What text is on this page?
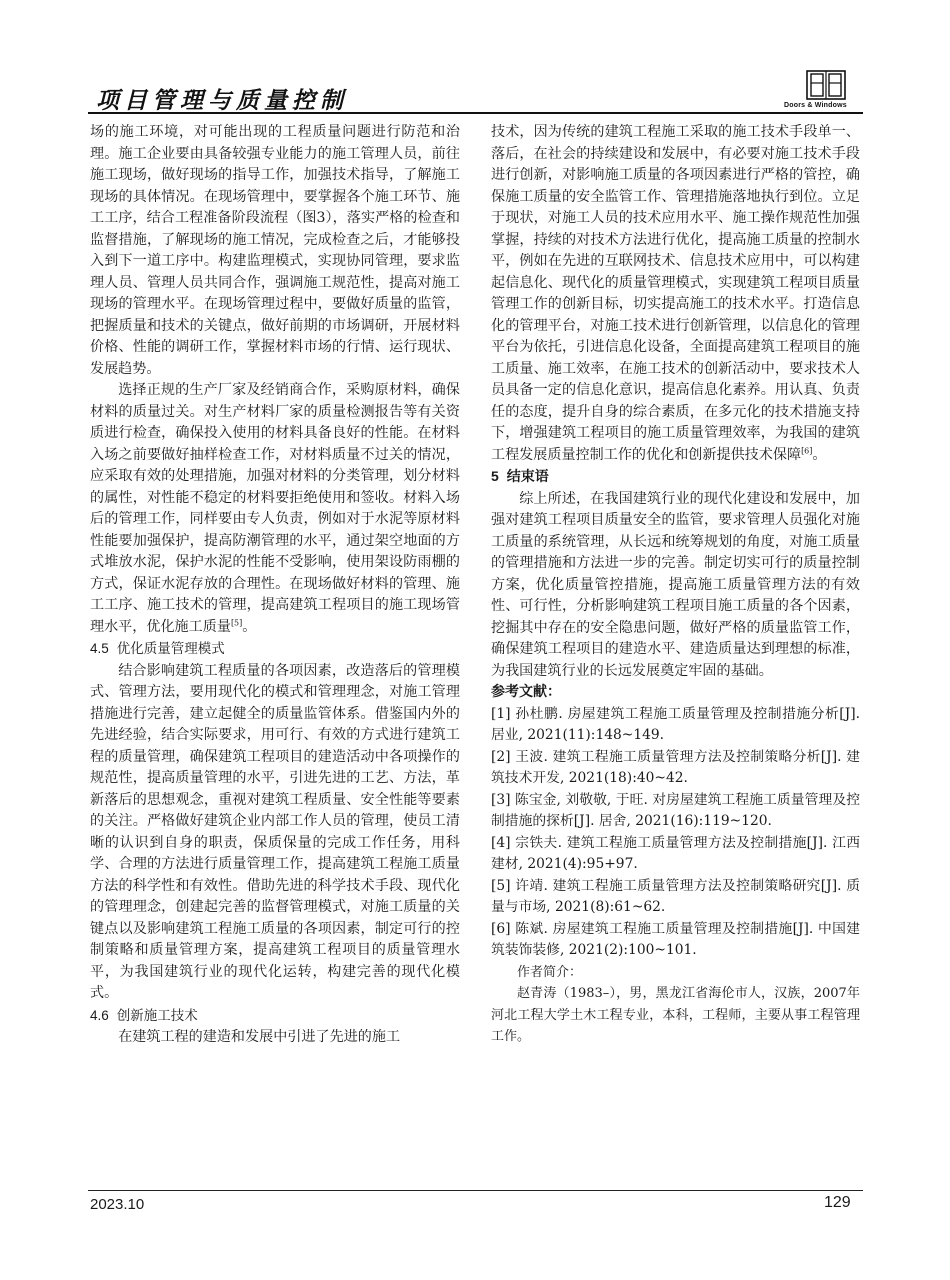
项目管理与质量控制	Doors & Windows

场的施工环境，对可能出现的工程质量问题进行防范和治理。施工企业要由具备较强专业能力的施工管理人员，前往施工现场，做好现场的指导工作，加强技术指导，了解施工现场的具体情况。在现场管理中，要掌握各个施工环节、施工工序，结合工程准备阶段流程（图3），落实严格的检查和监督措施，了解现场的施工情况，完成检查之后，才能够投入到下一道工序中。构建监理模式，实现协同管理，要求监理人员、管理人员共同合作，强调施工规范性，提高对施工现场的管理水平。在现场管理过程中，要做好质量的监管，把握质量和技术的关键点，做好前期的市场调研，开展材料价格、性能的调研工作，掌握材料市场的行情、运行现状、发展趋势。

选择正规的生产厂家及经销商合作，采购原材料，确保材料的质量过关。对生产材料厂家的质量检测报告等有关资质进行检查，确保投入使用的材料具备良好的性能。在材料入场之前要做好抽样检查工作，对材料质量不过关的情况，应采取有效的处理措施，加强对材料的分类管理，划分材料的属性，对性能不稳定的材料要拒绝使用和签收。材料入场后的管理工作，同样要由专人负责，例如对于水泥等原材料性能要加强保护，提高防潮管理的水平，通过架空地面的方式堆放水泥，保护水泥的性能不受影响，使用架设防雨棚的方式，保证水泥存放的合理性。在现场做好材料的管理、施工工序、施工技术的管理，提高建筑工程项目的施工现场管理水平，优化施工质量[5]。

4.5 优化质量管理模式

结合影响建筑工程质量的各项因素，改造落后的管理模式、管理方法，要用现代化的模式和管理理念，对施工管理措施进行完善，建立起健全的质量监管体系。借鉴国内外的先进经验，结合实际要求，用可行、有效的方式进行建筑工程的质量管理，确保建筑工程项目的建造活动中各项操作的规范性，提高质量管理的水平，引进先进的工艺、方法，革新落后的思想观念，重视对建筑工程质量、安全性能等要素的关注。严格做好建筑企业内部工作人员的管理，使员工清晰的认识到自身的职责，保质保量的完成工作任务，用科学、合理的方法进行质量管理工作，提高建筑工程施工质量方法的科学性和有效性。借助先进的科学技术手段、现代化的管理理念，创建起完善的监督管理模式，对施工质量的关键点以及影响建筑工程施工质量的各项因素，制定可行的控制策略和质量管理方案，提高建筑工程项目的质量管理水平，为我国建筑行业的现代化运转，构建完善的现代化模式。

4.6 创新施工技术

在建筑工程的建造和发展中引进了先进的施工

技术，因为传统的建筑工程施工采取的施工技术手段单一、落后，在社会的持续建设和发展中，有必要对施工技术手段进行创新，对影响施工质量的各项因素进行严格的管控，确保施工质量的安全监管工作、管理措施落地执行到位。立足于现状，对施工人员的技术应用水平、施工操作规范性加强掌握，持续的对技术方法进行优化，提高施工质量的控制水平，例如在先进的互联网技术、信息技术应用中，可以构建起信息化、现代化的质量管理模式，实现建筑工程项目质量管理工作的创新目标，切实提高施工的技术水平。打造信息化的管理平台，对施工技术进行创新管理，以信息化的管理平台为依托，引进信息化设备，全面提高建筑工程项目的施工质量、施工效率，在施工技术的创新活动中，要求技术人员具备一定的信息化意识，提高信息化素养。用认真、负责任的态度，提升自身的综合素质，在多元化的技术措施支持下，增强建筑工程项目的施工质量管理效率，为我国的建筑工程发展质量控制工作的优化和创新提供技术保障[6]。

5 结束语

综上所述，在我国建筑行业的现代化建设和发展中，加强对建筑工程项目质量安全的监管，要求管理人员强化对施工质量的系统管理，从长远和统筹规划的角度，对施工质量的管理措施和方法进一步的完善。制定切实可行的质量控制方案，优化质量管控措施，提高施工质量管理方法的有效性、可行性，分析影响建筑工程项目施工质量的各个因素，挖掘其中存在的安全隐患问题，做好严格的质量监管工作，确保建筑工程项目的建造水平、建造质量达到理想的标准，为我国建筑行业的长远发展奠定牢固的基础。

参考文献：

[1] 孙杜鹏. 房屋建筑工程施工质量管理及控制措施分析[J]. 居业, 2021(11):148~149.

[2] 王波. 建筑工程施工质量管理方法及控制策略分析[J]. 建筑技术开发, 2021(18):40~42.

[3] 陈宝金, 刘敬敬, 于旺. 对房屋建筑工程施工质量管理及控制措施的探析[J]. 居舍, 2021(16):119~120.

[4] 宗铁夫. 建筑工程施工质量管理方法及控制措施[J]. 江西建材, 2021(4):95+97.

[5] 许靖. 建筑工程施工质量管理方法及控制策略研究[J]. 质量与市场, 2021(8):61~62.

[6] 陈斌. 房屋建筑工程施工质量管理及控制措施[J]. 中国建筑装饰装修, 2021(2):100~101.

作者简介：

赵青涛（1983–），男，黑龙江省海伦市人，汉族，2007年河北工程大学土木工程专业，本科，工程师，主要从事工程管理工作。

2023.10	129
